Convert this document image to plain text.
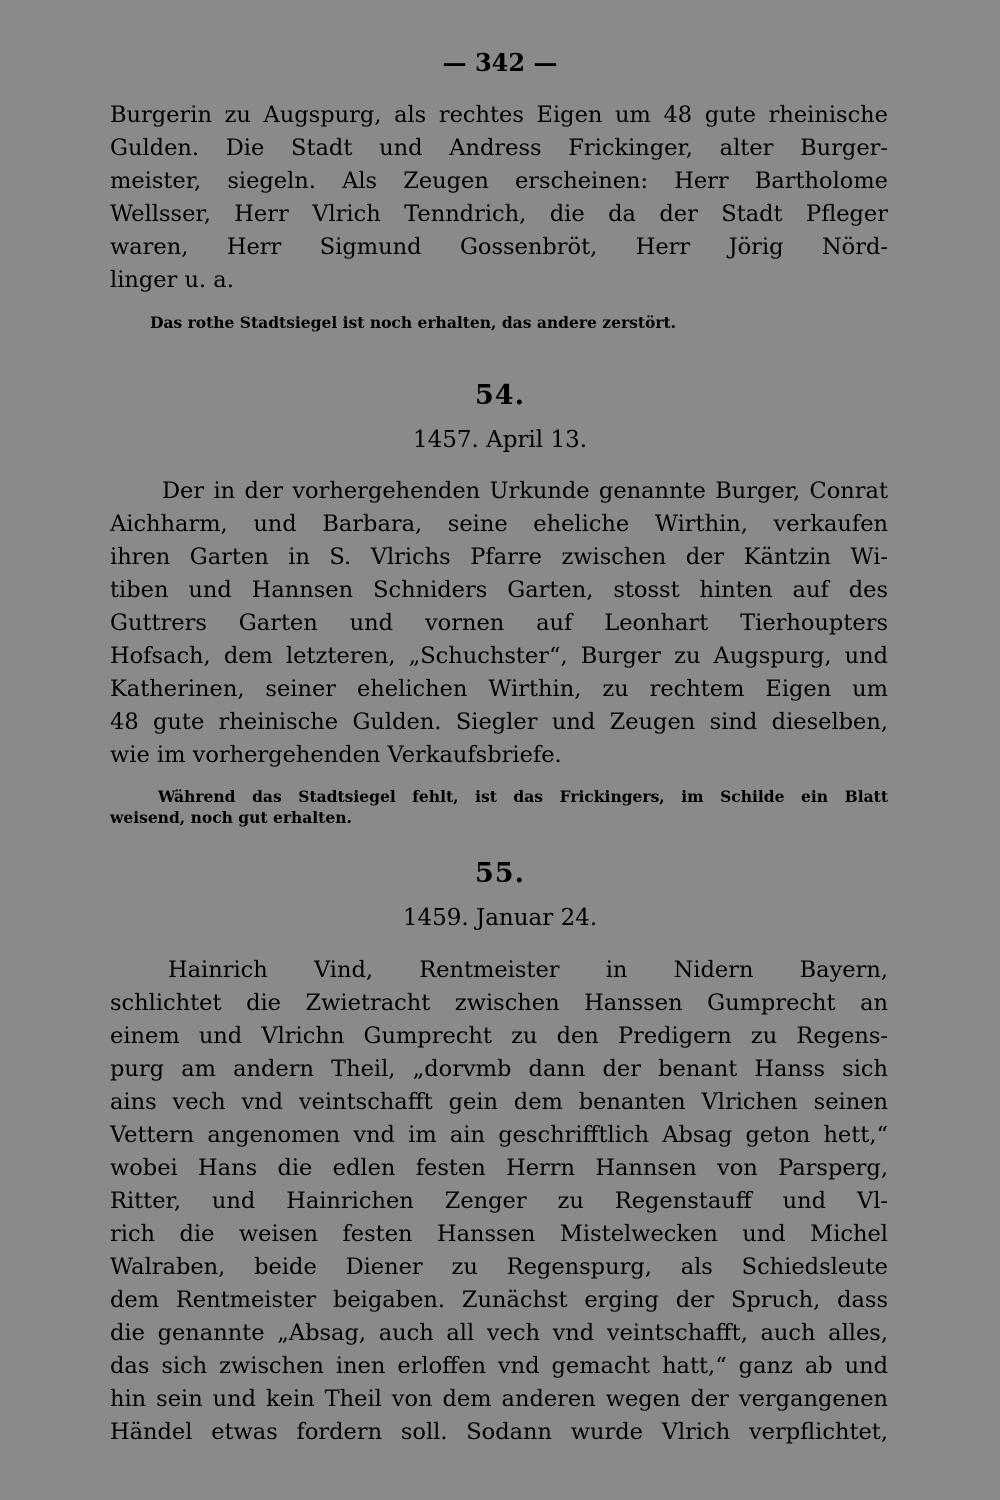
— 342 —
Burgerin zu Augspurg, als rechtes Eigen um 48 gute rheinische
Gulden. Die Stadt und Andress Frickinger, alter Burger-
meister, siegeln. Als Zeugen erscheinen: Herr Bartholome
Wellsser, Herr Vlrich Tenndrich, die da der Stadt Pfleger
waren, Herr Sigmund Gossenbröt, Herr Jörig Nörd-
linger u. a.
Das rothe Stadtsiegel ist noch erhalten, das andere zerstört.
54.
1457. April 13.
Der in der vorhergehenden Urkunde genannte Burger, Conrat
Aichharm, und Barbara, seine eheliche Wirthin, verkaufen
ihren Garten in S. Vlrichs Pfarre zwischen der Käntzin Wi-
tiben und Hannsen Schniders Garten, stosst hinten auf des
Guttrers Garten und vornen auf Leonhart Tierhoupters
Hofsach, dem letzteren, „Schuchster“, Burger zu Augspurg, und
Katherinen, seiner ehelichen Wirthin, zu rechtem Eigen um
48 gute rheinische Gulden. Siegler und Zeugen sind dieselben,
wie im vorhergehenden Verkaufsbriefe.
Während das Stadtsiegel fehlt, ist das Frickingers, im Schilde ein Blatt
weisend, noch gut erhalten.
55.
1459. Januar 24.
Hainrich Vind, Rentmeister in Nidern Bayern,
schlichtet die Zwietracht zwischen Hanssen Gumprecht an
einem und Vlrichn Gumprecht zu den Predigern zu Regens-
purg am andern Theil, „dorvmb dann der benant Hanss sich
ains vech vnd veintschafft gein dem benanten Vlrichen seinen
Vettern angenomen vnd im ain geschrifftlich Absag geton hett,“
wobei Hans die edlen festen Herrn Hannsen von Parsperg,
Ritter, und Hainrichen Zenger zu Regenstauff und Vl-
rich die weisen festen Hanssen Mistelwecken und Michel
Walraben, beide Diener zu Regenspurg, als Schiedsleute
dem Rentmeister beigaben. Zunächst erging der Spruch, dass
die genannte „Absag, auch all vech vnd veintschafft, auch alles,
das sich zwischen inen erloffen vnd gemacht hatt,“ ganz ab und
hin sein und kein Theil von dem anderen wegen der vergangenen
Händel etwas fordern soll. Sodann wurde Vlrich verpflichtet,
